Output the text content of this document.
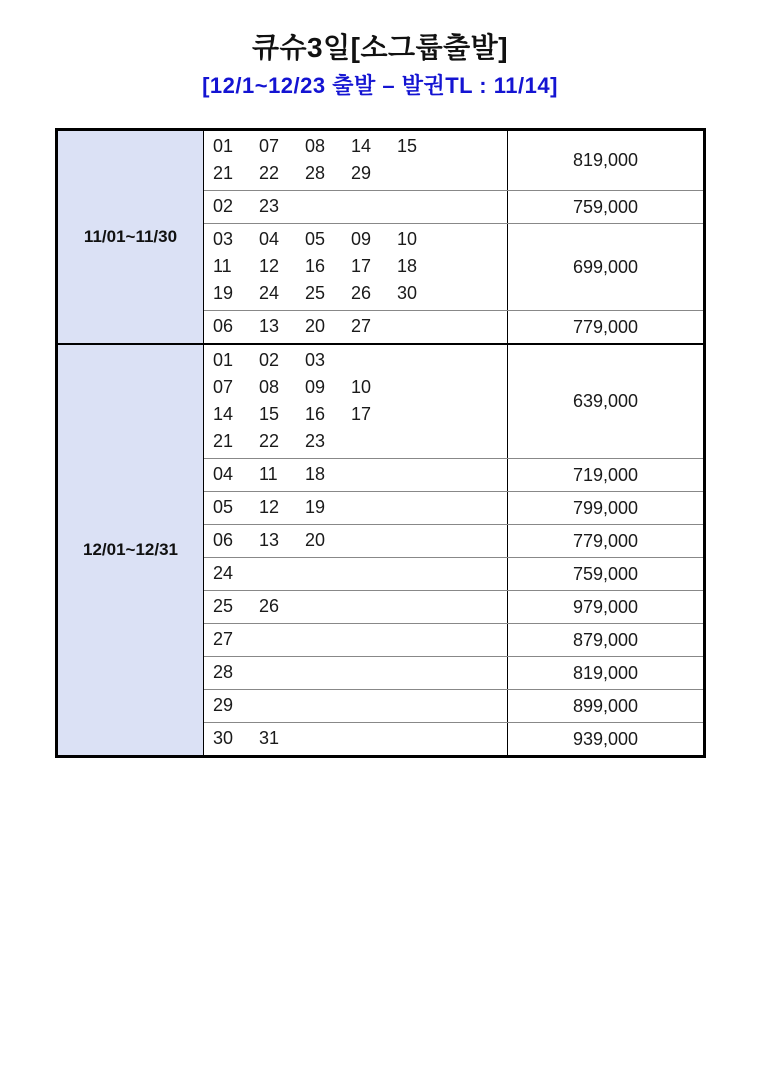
큐슈3일[소그룹출발]
[12/1~12/23 출발 – 발권TL : 11/14]
11/01~11/30
01 07 08 14 15
21 22 28 29
819,000
02 23	759,000
03 04 05 09 10
11 12 16 17 18
19 24 25 26 30
699,000
06 13 20 27	779,000
12/01~12/31
01 02 03
07 08 09 10
14 15 16 17
21 22 23
639,000
04 11 18	719,000
05 12 19	799,000
06 13 20	779,000
24	759,000
25 26	979,000
27	879,000
28	819,000
29	899,000
30 31	939,000
